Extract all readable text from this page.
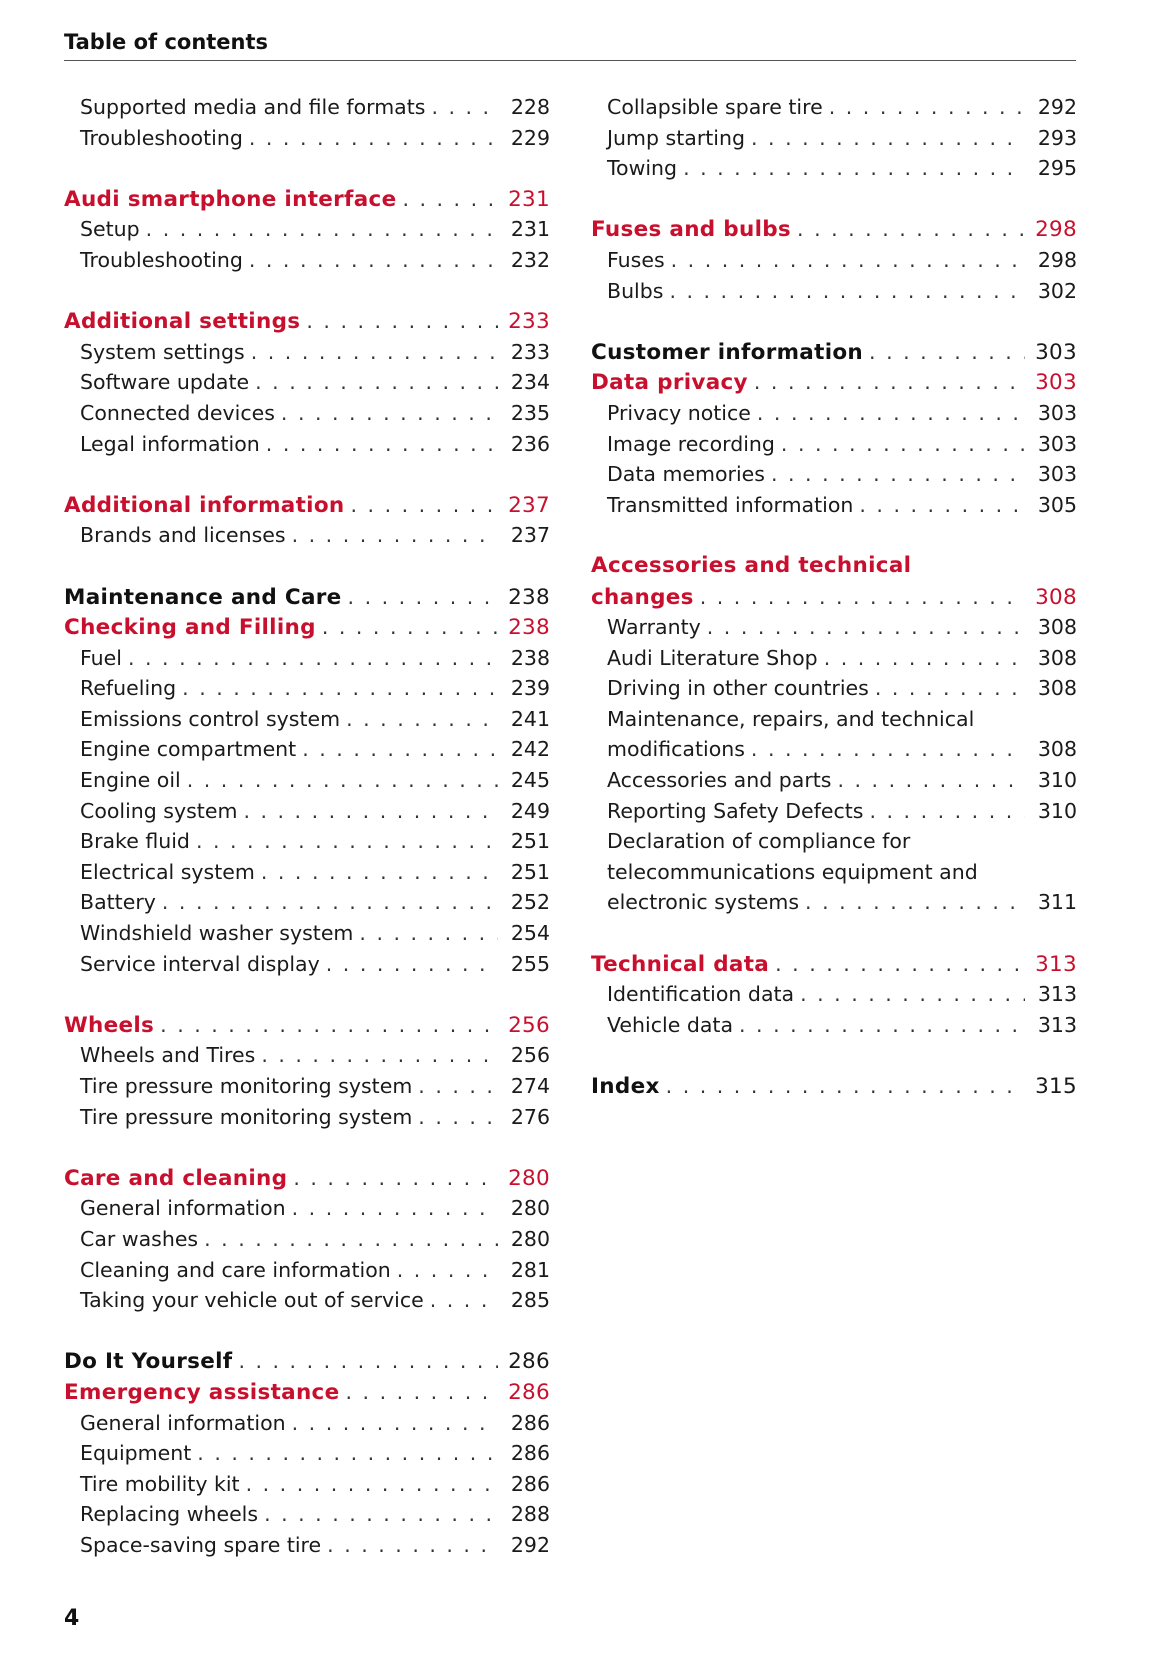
Table of contents
Supported media and file formats . . .	228
Troubleshooting . . .	229
Audi smartphone interface . . .	231
Setup . . .	231
Troubleshooting . . .	232
Additional settings . . .	233
System settings . . .	233
Software update . . .	234
Connected devices . . .	235
Legal information . . .	236
Additional information . . .	237
Brands and licenses . . .	237
Maintenance and Care . . .	238
Checking and Filling . . .	238
Fuel . . .	238
Refueling . . .	239
Emissions control system . . .	241
Engine compartment . . .	242
Engine oil . . .	245
Cooling system . . .	249
Brake fluid . . .	251
Electrical system . . .	251
Battery . . .	252
Windshield washer system . . .	254
Service interval display . . .	255
Wheels . . .	256
Wheels and Tires . . .	256
Tire pressure monitoring system . . .	274
Tire pressure monitoring system . . .	276
Care and cleaning . . .	280
General information . . .	280
Car washes . . .	280
Cleaning and care information . . .	281
Taking your vehicle out of service . . .	285
Do It Yourself . . .	286
Emergency assistance . . .	286
General information . . .	286
Equipment . . .	286
Tire mobility kit . . .	286
Replacing wheels . . .	288
Space-saving spare tire . . .	292
Collapsible spare tire . . .	292
Jump starting . . .	293
Towing . . .	295
Fuses and bulbs . . .	298
Fuses . . .	298
Bulbs . . .	302
Customer information . . .	303
Data privacy . . .	303
Privacy notice . . .	303
Image recording . . .	303
Data memories . . .	303
Transmitted information . . .	305
Accessories and technical
changes . . .	308
Warranty . . .	308
Audi Literature Shop . . .	308
Driving in other countries . . .	308
Maintenance, repairs, and technical
modifications . . .	308
Accessories and parts . . .	310
Reporting Safety Defects . . .	310
Declaration of compliance for
telecommunications equipment and
electronic systems . . .	311
Technical data . . .	313
Identification data . . .	313
Vehicle data . . .	313
Index . . .	315
4
